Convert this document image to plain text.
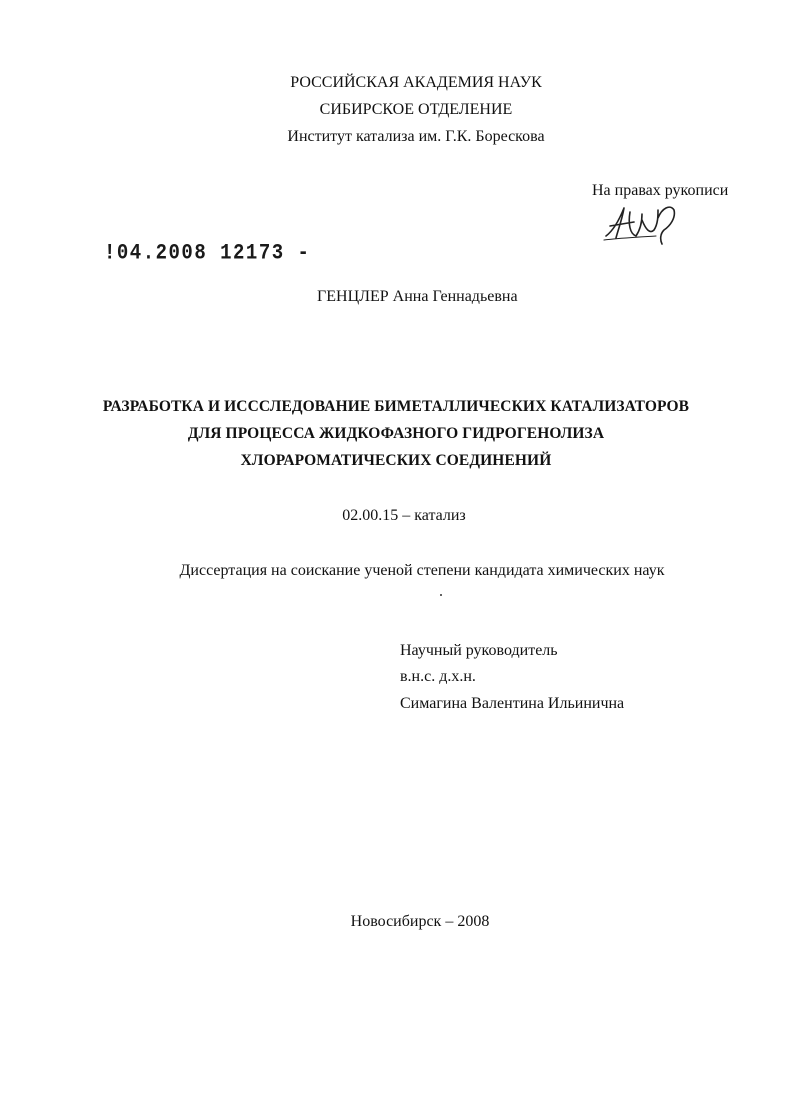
РОССИЙСКАЯ АКАДЕМИЯ НАУК
СИБИРСКОЕ ОТДЕЛЕНИЕ
Институт катализа им. Г.К. Борескова
На правах рукописи
!04.2008 12173 -
ГЕНЦЛЕР Анна Геннадьевна
РАЗРАБОТКА И ИСССЛЕДОВАНИЕ БИМЕТАЛЛИЧЕСКИХ КАТАЛИЗАТОРОВ
ДЛЯ ПРОЦЕССА ЖИДКОФАЗНОГО ГИДРОГЕНОЛИЗА
ХЛОРАРОМАТИЧЕСКИХ СОЕДИНЕНИЙ
02.00.15 – катализ
Диссертация на соискание ученой степени кандидата химических наук
Научный руководитель
в.н.с. д.х.н.
Симагина Валентина Ильинична
Новосибирск – 2008
